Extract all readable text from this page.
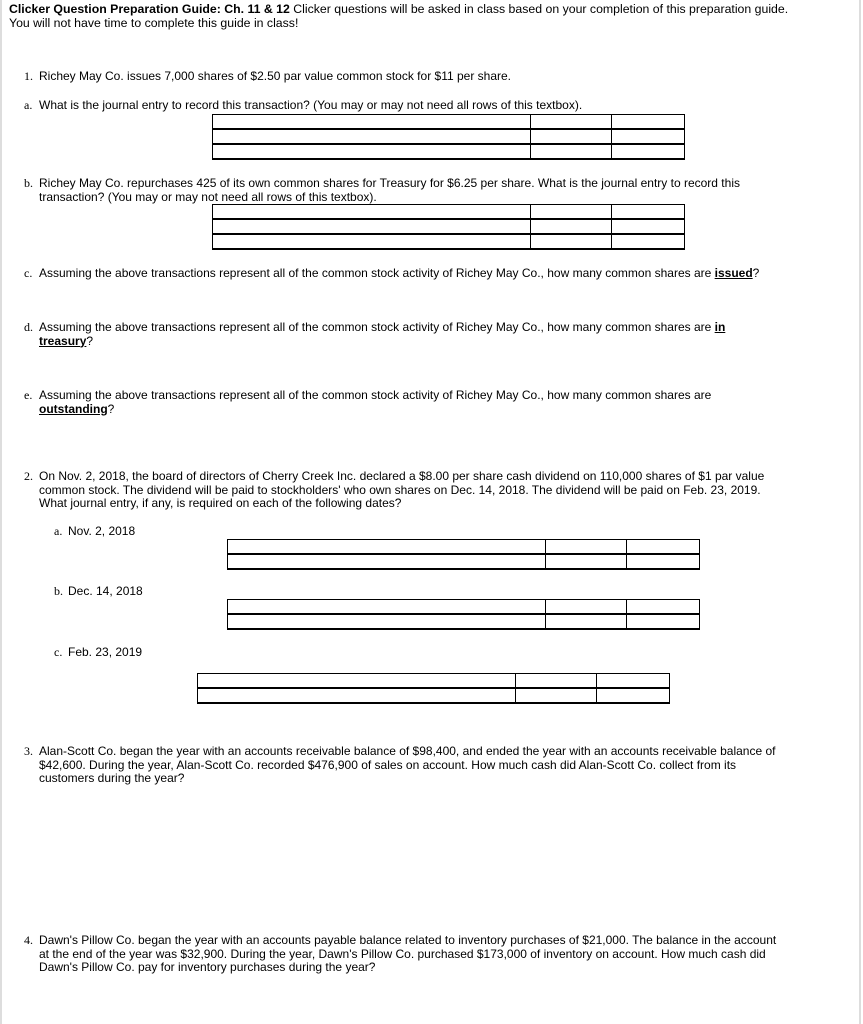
Clicker Question Preparation Guide: Ch. 11 & 12 Clicker questions will be asked in class based on your completion of this preparation guide.
You will not have time to complete this guide in class!
1. Richey May Co. issues 7,000 shares of $2.50 par value common stock for $11 per share.
a. What is the journal entry to record this transaction? (You may or may not need all rows of this textbox).

b. Richey May Co. repurchases 425 of its own common shares for Treasury for $6.25 per share. What is the journal entry to record this
transaction? (You may or may not need all rows of this textbox).

c. Assuming the above transactions represent all of the common stock activity of Richey May Co., how many common shares are issued?
d. Assuming the above transactions represent all of the common stock activity of Richey May Co., how many common shares are in
treasury?
e. Assuming the above transactions represent all of the common stock activity of Richey May Co., how many common shares are
outstanding?
2. On Nov. 2, 2018, the board of directors of Cherry Creek Inc. declared a $8.00 per share cash dividend on 110,000 shares of $1 par value
common stock. The dividend will be paid to stockholders' who own shares on Dec. 14, 2018. The dividend will be paid on Feb. 23, 2019.
What journal entry, if any, is required on each of the following dates?
a. Nov. 2, 2018

b. Dec. 14, 2018

c. Feb. 23, 2019

3. Alan-Scott Co. began the year with an accounts receivable balance of $98,400, and ended the year with an accounts receivable balance of
$42,600. During the year, Alan-Scott Co. recorded $476,900 of sales on account. How much cash did Alan-Scott Co. collect from its
customers during the year?
4. Dawn's Pillow Co. began the year with an accounts payable balance related to inventory purchases of $21,000. The balance in the account
at the end of the year was $32,900. During the year, Dawn's Pillow Co. purchased $173,000 of inventory on account. How much cash did
Dawn's Pillow Co. pay for inventory purchases during the year?
